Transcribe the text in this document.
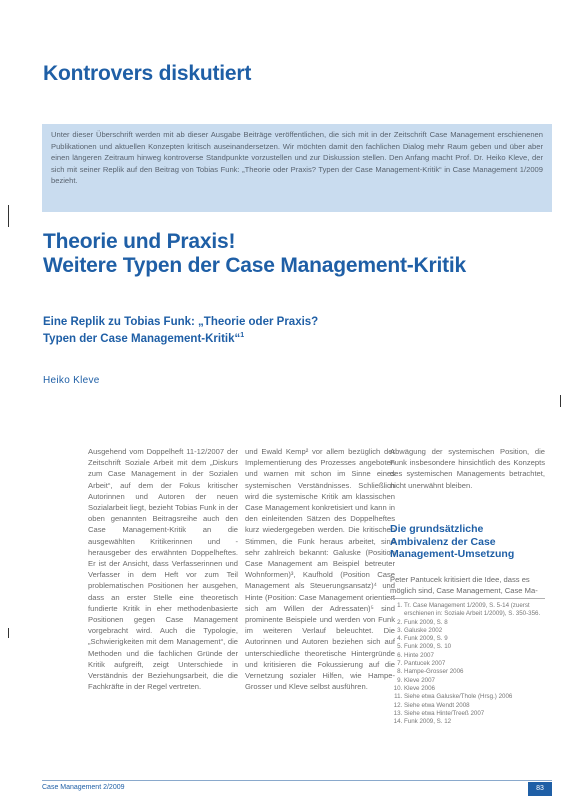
Kontrovers diskutiert
Unter dieser Überschrift werden mit ab dieser Ausgabe Beiträge veröffentlichen, die sich mit in der Zeitschrift Case Management erschienenen Publikationen und aktuellen Konzepten kritisch auseinandersetzen. Wir möchten damit den fachlichen Dialog mehr Raum geben und über aber einen längeren Zeitraum hinweg kontroverse Standpunkte vorzustellen und zur Diskussion stellen. Den Anfang macht Prof. Dr. Heiko Kleve, der sich mit seiner Replik auf den Beitrag von Tobias Funk: „Theorie oder Praxis? Typen der Case Management-Kritik“ in Case Management 1/2009 bezieht.
Theorie und Praxis!
Weitere Typen der Case Management-Kritik
Eine Replik zu Tobias Funk: „Theorie oder Praxis?
Typen der Case Management-Kritik“$^1$
Heiko Kleve
Ausgehend vom Doppelheft 11-12/2007 der Zeitschrift Soziale Arbeit mit dem „Diskurs zum Case Management in der Sozialen Arbeit“, auf dem der Fokus kritischer Autorinnen und Autoren der neuen Sozialarbeit liegt, bezieht Tobias Funk in der oben genannten Beitragsreihe auch den Case Management-Kritik an die ausgewählten Kritikerinnen und -herausgeber des erwähnten Doppelheftes. Er ist der Ansicht, dass Verfasserinnen und Verfasser in dem Heft vor zum Teil problematischen Positionen her ausgehen, dass an erster Stelle eine theoretisch fundierte Kritik in eher methodenbasierte Positionen gegen Case Management vorgebracht wird. Auch die Typologie, „Schwierigkeiten mit dem Management“, die Methoden und die fachlichen Gründe der Kritik aufgreift, zeigt Unterschiede in Verständnis der Beziehungsarbeit, die die Fachkräfte in der Regel vertreten.
und Ewald Kemp² vor allem bezüglich der Implementierung des Prozesses angeboten und warnen mit schon im Sinne eines systemischen Verständnisses. Schließlich wird die systemische Kritik am klassischen Case Management konkretisiert und kann in den einleitenden Sätzen des Doppelheftes kurz wiedergegeben werden. Die kritischen Stimmen, die Funk heraus arbeitet, sind sehr zahlreich bekannt: Galuske (Position Case Management am Beispiel betreuter Wohnformen)³, Kaufhold (Position Case Management als Steuerungsansatz)⁴ und Hinte (Position: Case Management orientiert sich am Willen der Adressaten)⁵ sind prominente Beispiele und werden von Funk im weiteren Verlauf beleuchtet. Die Autorinnen und Autoren beziehen sich auf unterschiedliche theoretische Hintergründe und kritisieren die Fokussierung auf die Vernetzung sozialer Hilfen, wie Hampe-Grosser und Kleve selbst ausführen.
Abwägung der systemischen Position, die Funk insbesondere hinsichtlich des Konzepts des systemischen Managements betrachtet, nicht unerwähnt bleiben.
Die grundsätzliche Ambivalenz der Case Management-Umsetzung
Peter Pantucek kritisiert die Idee, dass es möglich sind, Case Management, Case Ma-
1. Tr. Case Management 1/2009, S. 5-14 (zuerst erschienen in: Soziale Arbeit 1/2009), S. 350-356.
2. Funk 2009, S. 8
3. Galuske 2002
4. Funk 2009, S. 9
5. Funk 2009, S. 10
6. Hinte 2007
7. Pantucek 2007
8. Hampe-Grosser 2006
9. Kleve 2007
10. Kleve 2006
11. Siehe etwa Galuske/Thole (Hrsg.) 2006
12. Siehe etwa Wendt 2008
13. Siehe etwa Hinte/Treeß 2007
14. Funk 2009, S. 12
Case Management 2/2009	83
